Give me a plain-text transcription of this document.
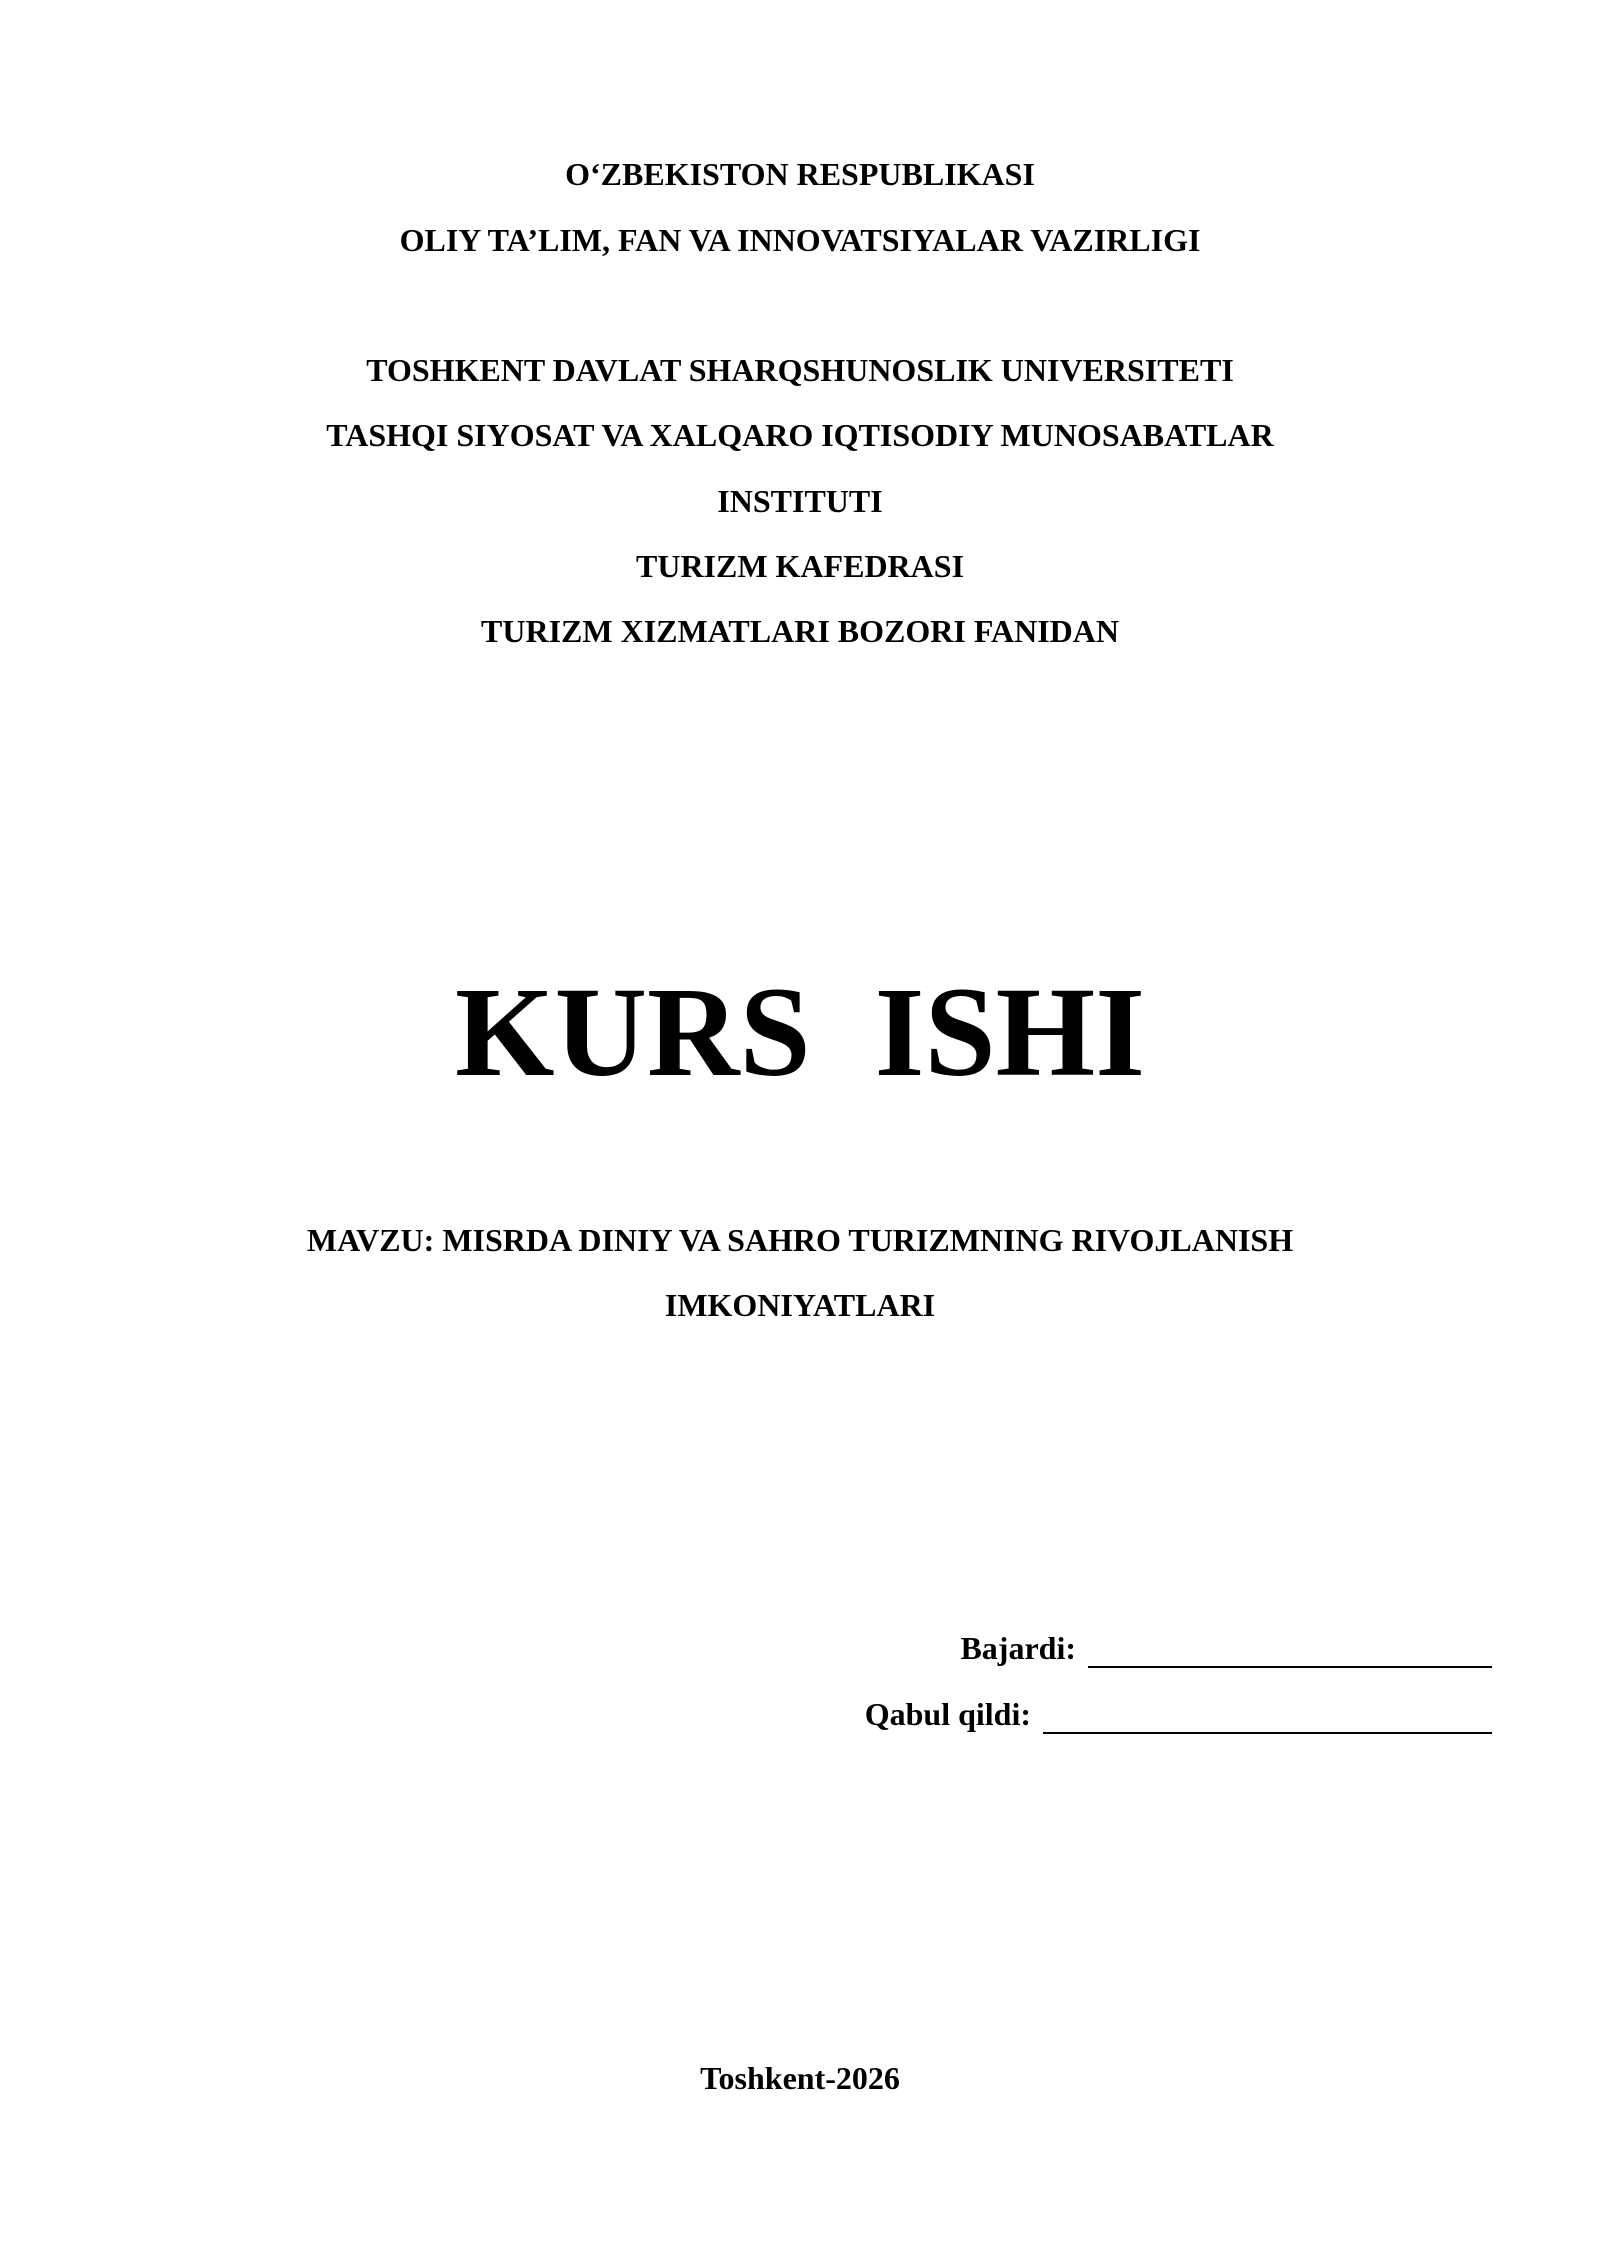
O‘ZBEKISTON RESPUBLIKASI
OLIY TA’LIM, FAN VA INNOVATSIYALAR VAZIRLIGI
TOSHKENT DAVLAT SHARQSHUNOSLIK UNIVERSITETI
TASHQI SIYOSAT VA XALQARO IQTISODIY MUNOSABATLAR
INSTITUTI
TURIZM KAFEDRASI
TURIZM XIZMATLARI BOZORI FANIDAN
KURS  ISHI
MAVZU: MISRDA DINIY VA SAHRO TURIZMNING RIVOJLANISH
IMKONIYATLARI
Bajardi:
Qabul qildi:
Toshkent-2026
